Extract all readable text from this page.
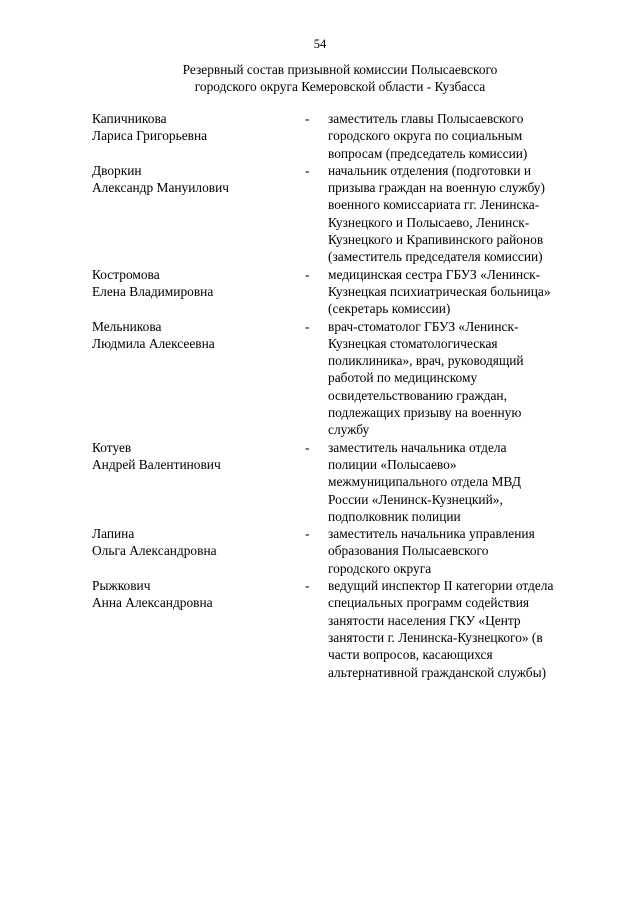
54
Резервный состав призывной комиссии Полысаевского
городского округа Кемеровской области - Кузбасса
Капичникова
Лариса Григорьевна
- заместитель главы Полысаевского
городского округа по социальным
вопросам (председатель комиссии)
Дворкин
Александр Мануилович
- начальник отделения (подготовки и
призыва граждан на военную службу)
военного комиссариата гг. Ленинска-
Кузнецкого и Полысаево, Ленинск-
Кузнецкого и Крапивинского районов
(заместитель председателя комиссии)
Костромова
Елена Владимировна
- медицинская сестра ГБУЗ «Ленинск-
Кузнецкая психиатрическая больница»
(секретарь комиссии)
Мельникова
Людмила Алексеевна
- врач-стоматолог ГБУЗ «Ленинск-
Кузнецкая стоматологическая
поликлиника», врач, руководящий
работой по медицинскому
освидетельствованию граждан,
подлежащих призыву на военную
службу
Котуев
Андрей Валентинович
- заместитель начальника отдела
полиции «Полысаево»
межмуниципального отдела МВД
России «Ленинск-Кузнецкий»,
подполковник полиции
Лапина
Ольга Александровна
- заместитель начальника управления
образования Полысаевского
городского округа
Рыжкович
Анна Александровна
- ведущий инспектор II категории отдела
специальных программ содействия
занятости населения ГКУ «Центр
занятости г. Ленинска-Кузнецкого» (в
части вопросов, касающихся
альтернативной гражданской службы)
